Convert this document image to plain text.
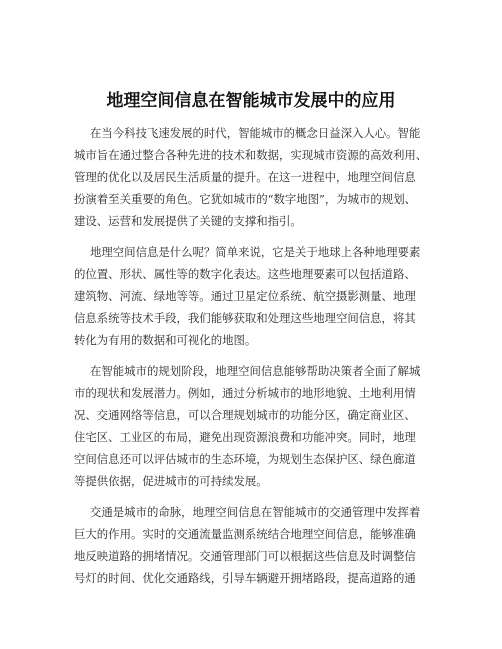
地理空间信息在智能城市发展中的应用
在当今科技飞速发展的时代，智能城市的概念日益深入人心。智能
城市旨在通过整合各种先进的技术和数据，实现城市资源的高效利用、
管理的优化以及居民生活质量的提升。在这一进程中，地理空间信息
扮演着至关重要的角色。它犹如城市的“数字地图”，为城市的规划、
建设、运营和发展提供了关键的支撑和指引。
地理空间信息是什么呢？简单来说，它是关于地球上各种地理要素
的位置、形状、属性等的数字化表达。这些地理要素可以包括道路、
建筑物、河流、绿地等等。通过卫星定位系统、航空摄影测量、地理
信息系统等技术手段，我们能够获取和处理这些地理空间信息，将其
转化为有用的数据和可视化的地图。
在智能城市的规划阶段，地理空间信息能够帮助决策者全面了解城
市的现状和发展潜力。例如，通过分析城市的地形地貌、土地利用情
况、交通网络等信息，可以合理规划城市的功能分区，确定商业区、
住宅区、工业区的布局，避免出现资源浪费和功能冲突。同时，地理
空间信息还可以评估城市的生态环境，为规划生态保护区、绿色廊道
等提供依据，促进城市的可持续发展。
交通是城市的命脉，地理空间信息在智能城市的交通管理中发挥着
巨大的作用。实时的交通流量监测系统结合地理空间信息，能够准确
地反映道路的拥堵情况。交通管理部门可以根据这些信息及时调整信
号灯的时间、优化交通路线，引导车辆避开拥堵路段，提高道路的通
